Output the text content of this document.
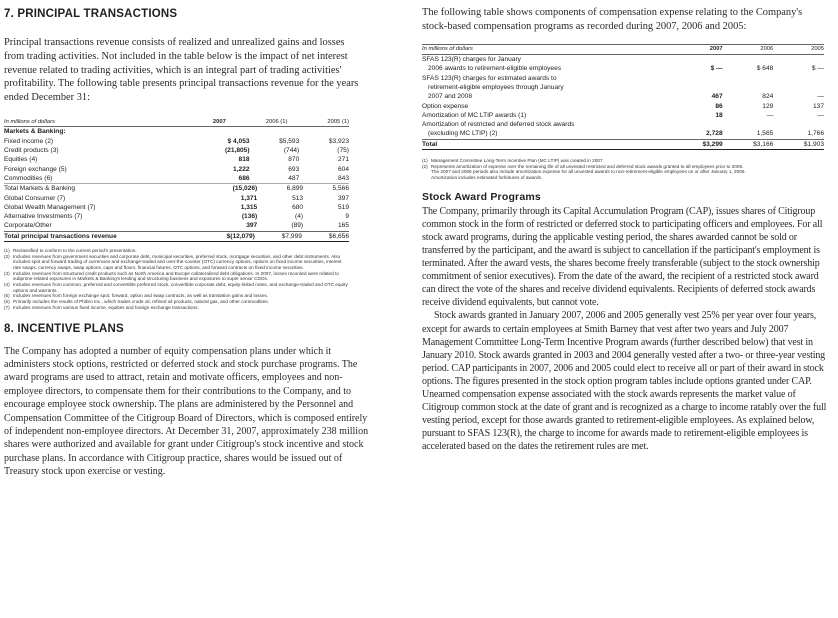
7. PRINCIPAL TRANSACTIONS
Principal transactions revenue consists of realized and unrealized gains and losses from trading activities. Not included in the table below is the impact of net interest revenue related to trading activities, which is an integral part of trading activities' profitability. The following table presents principal transactions revenue for the years ended December 31:
In millions of dollars	2007	2006 (1)	2005 (1)
Markets & Banking:			
Fixed income (2)	$ 4,053	$5,593	$3,923
Credit products (3)	(21,805)	(744)	(75)
Equities (4)	818	870	271
Foreign exchange (5)	1,222	693	604
Commodities (6)	686	487	843
Total Markets & Banking	(15,026)	6,899	5,566
Global Consumer (7)	1,371	513	397
Global Wealth Management (7)	1,315	680	519
Alternative Investments (7)	(136)	(4)	9
Corporate/Other	397	(89)	165
Total principal transactions revenue	$(12,079)	$7,999	$6,656
(1) Reclassified to conform to the current period's presentation.
(2) Includes revenues from government securities and corporate debt, municipal securities, preferred stock, mortgage securities, and other debt instruments. Also includes spot and forward trading of currencies and exchange-traded and over-the-counter (OTC) currency options, options on fixed income securities, interest rate swaps, currency swaps, swap options, caps and floors, financial futures, OTC options, and forward contracts on fixed income securities.
(3) Includes revenues from structured credit products such as North America and Europe collateralized debt obligations. In 2007, losses recorded were related to subprime-related exposures in Markets & Banking's lending and structuring business and exposures to super senior CDOs.
(4) Includes revenues from common, preferred and convertible preferred stock, convertible corporate debt, equity-linked notes, and exchange-traded and OTC equity options and warrants.
(5) Includes revenues from foreign exchange spot, forward, option and swap contracts, as well as translation gains and losses.
(6) Primarily includes the results of Phibro Inc., which trades crude oil, refined oil products, natural gas, and other commodities.
(7) Includes revenues from various fixed income, equities and foreign exchange transactions.
8. INCENTIVE PLANS
The Company has adopted a number of equity compensation plans under which it administers stock options, restricted or deferred stock and stock purchase programs. The award programs are used to attract, retain and motivate officers, employees and non-employee directors, to compensate them for their contributions to the Company, and to encourage employee stock ownership. The plans are administered by the Personnel and Compensation Committee of the Citigroup Board of Directors, which is composed entirely of independent non-employee directors. At December 31, 2007, approximately 238 million shares were authorized and available for grant under Citigroup's stock incentive and stock purchase plans. In accordance with Citigroup practice, shares would be issued out of Treasury stock upon exercise or vesting.
The following table shows components of compensation expense relating to the Company's stock-based compensation programs as recorded during 2007, 2006 and 2005:
In millions of dollars	2007	2006	2005
SFAS 123(R) charges for January			
2006 awards to retirement-eligible employees	$ —	$ 648	$ —
SFAS 123(R) charges for estimated awards to			
retirement-eligible employees through January			
2007 and 2008	467	824	—
Option expense	86	129	137
Amortization of MC LTIP awards (1)	18	—	—
Amortization of restricted and deferred stock awards			
(excluding MC LTIP) (2)	2,728	1,565	1,766
Total	$3,299	$3,166	$1,903
(1) Management Committee Long-Term Incentive Plan (MC LTIP) was created in 2007.
(2) Represents amortization of expense over the remaining life of all unvested restricted and deferred stock awards granted to all employees prior to 2006. The 2007 and 2006 periods also include amortization expense for all unvested awards to non-retirement-eligible employees on or after January 1, 2006. Amortization includes estimated forfeitures of awards.
Stock Award Programs
The Company, primarily through its Capital Accumulation Program (CAP), issues shares of Citigroup common stock in the form of restricted or deferred stock to participating officers and employees. For all stock award programs, during the applicable vesting period, the shares awarded cannot be sold or transferred by the participant, and the award is subject to cancellation if the participant's employment is terminated. After the award vests, the shares become freely transferable (subject to the stock ownership commitment of senior executives). From the date of the award, the recipient of a restricted stock award can direct the vote of the shares and receive dividend equivalents. Recipients of deferred stock awards receive dividend equivalents, but cannot vote.
Stock awards granted in January 2007, 2006 and 2005 generally vest 25% per year over four years, except for awards to certain employees at Smith Barney that vest after two years and July 2007 Management Committee Long-Term Incentive Program awards (further described below) that vest in January 2010. Stock awards granted in 2003 and 2004 generally vested after a two- or three-year vesting period. CAP participants in 2007, 2006 and 2005 could elect to receive all or part of their award in stock options. The figures presented in the stock option program tables include options granted under CAP. Unearned compensation expense associated with the stock awards represents the market value of Citigroup common stock at the date of grant and is recognized as a charge to income ratably over the full vesting period, except for those awards granted to retirement-eligible employees. As explained below, pursuant to SFAS 123(R), the charge to income for awards made to retirement-eligible employees is accelerated based on the dates the retirement rules are met.
